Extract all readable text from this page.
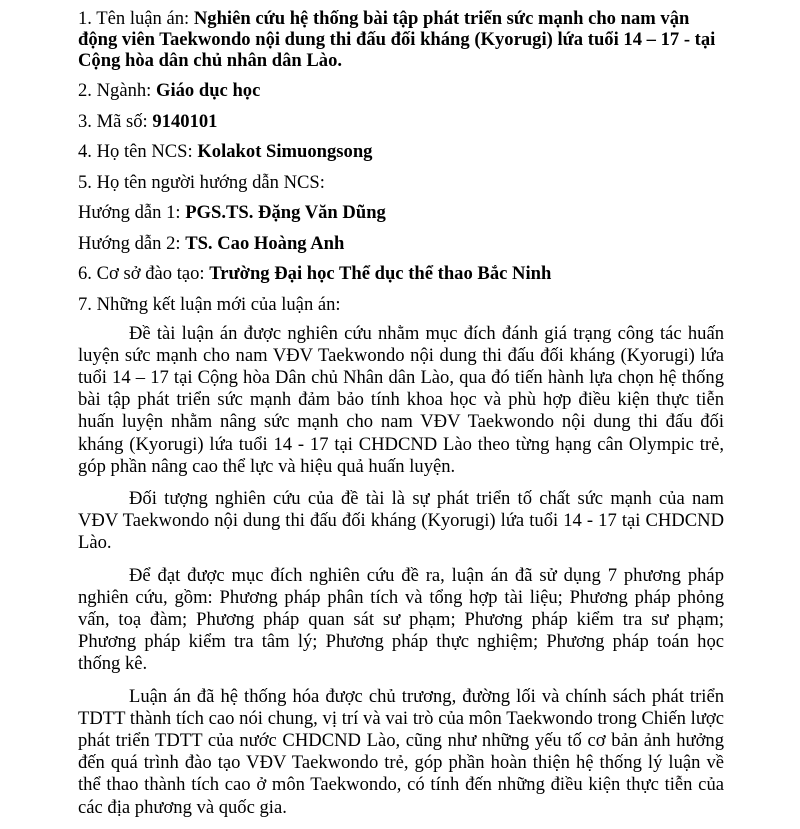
1. Tên luận án: Nghiên cứu hệ thống bài tập phát triển sức mạnh cho nam vận động viên Taekwondo nội dung thi đấu đối kháng (Kyorugi) lứa tuổi 14 – 17 - tại Cộng hòa dân chủ nhân dân Lào.

2. Ngành: Giáo dục học

3. Mã số: 9140101

4. Họ tên NCS: Kolakot Simuongsong

5. Họ tên người hướng dẫn NCS:

Hướng dẫn 1: PGS.TS. Đặng Văn Dũng

Hướng dẫn 2: TS. Cao Hoàng Anh

6. Cơ sở đào tạo: Trường Đại học Thể dục thể thao Bắc Ninh

7. Những kết luận mới của luận án:

Đề tài luận án được nghiên cứu nhằm mục đích đánh giá trạng công tác huấn luyện sức mạnh cho nam VĐV Taekwondo nội dung thi đấu đối kháng (Kyorugi) lứa tuổi 14 – 17 tại Cộng hòa Dân chủ Nhân dân Lào, qua đó tiến hành lựa chọn hệ thống bài tập phát triển sức mạnh đảm bảo tính khoa học và phù hợp điều kiện thực tiễn huấn luyện nhằm nâng sức mạnh cho nam VĐV Taekwondo nội dung thi đấu đối kháng (Kyorugi) lứa tuổi 14 - 17 tại CHDCND Lào theo từng hạng cân Olympic trẻ, góp phần nâng cao thể lực và hiệu quả huấn luyện.

Đối tượng nghiên cứu của đề tài là sự phát triển tố chất sức mạnh của nam VĐV Taekwondo nội dung thi đấu đối kháng (Kyorugi) lứa tuổi 14 - 17 tại CHDCND Lào.

Để đạt được mục đích nghiên cứu đề ra, luận án đã sử dụng 7 phương pháp nghiên cứu, gồm: Phương pháp phân tích và tổng hợp tài liệu; Phương pháp phỏng vấn, toạ đàm; Phương pháp quan sát sư phạm; Phương pháp kiểm tra sư phạm; Phương pháp kiểm tra tâm lý; Phương pháp thực nghiệm; Phương pháp toán học thống kê.

Luận án đã hệ thống hóa được chủ trương, đường lối và chính sách phát triển TDTT thành tích cao nói chung, vị trí và vai trò của môn Taekwondo trong Chiến lược phát triển TDTT của nước CHDCND Lào, cũng như những yếu tố cơ bản ảnh hưởng đến quá trình đào tạo VĐV Taekwondo trẻ, góp phần hoàn thiện hệ thống lý luận về thể thao thành tích cao ở môn Taekwondo, có tính đến những điều kiện thực tiễn của các địa phương và quốc gia.
